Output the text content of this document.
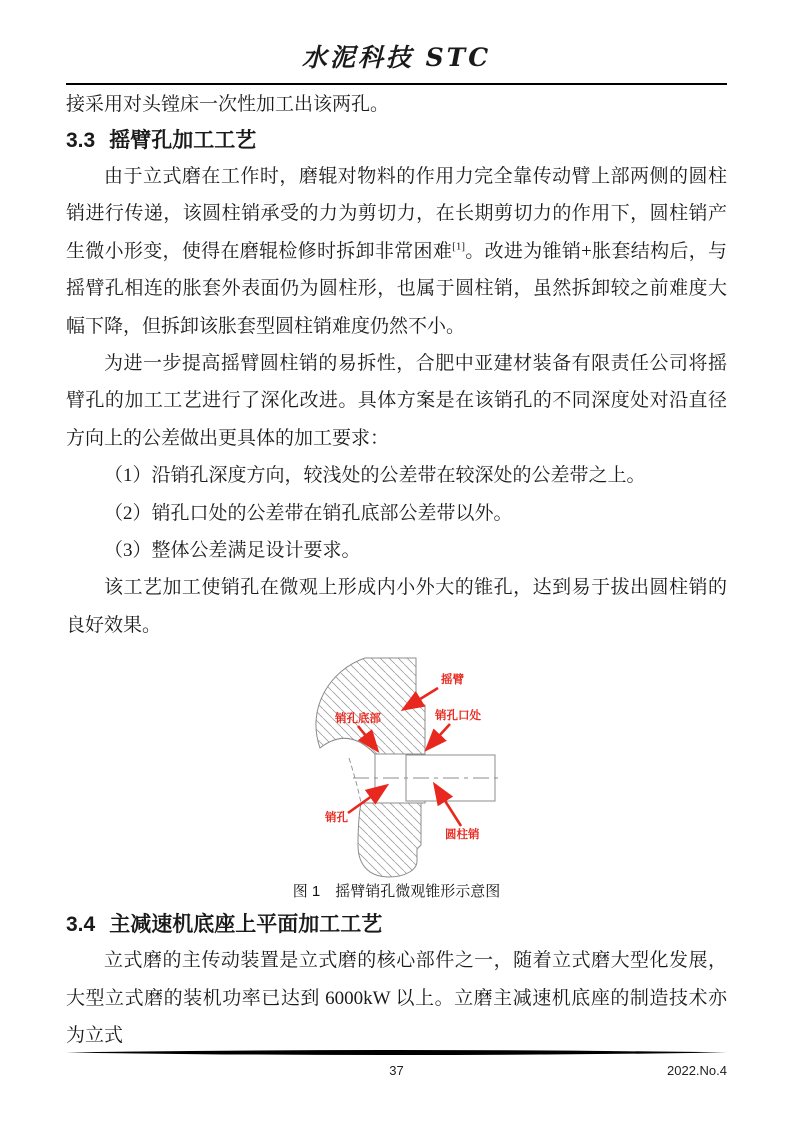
水泥科技 STC

接采用对头镗床一次性加工出该两孔。

3.3 摇臂孔加工工艺

由于立式磨在工作时，磨辊对物料的作用力完全靠传动臂上部两侧的圆柱销进行传递，该圆柱销承受的力为剪切力，在长期剪切力的作用下，圆柱销产生微小形变，使得在磨辊检修时拆卸非常困难[1]。改进为锥销+胀套结构后，与摇臂孔相连的胀套外表面仍为圆柱形，也属于圆柱销，虽然拆卸较之前难度大幅下降，但拆卸该胀套型圆柱销难度仍然不小。

为进一步提高摇臂圆柱销的易拆性，合肥中亚建材装备有限责任公司将摇臂孔的加工工艺进行了深化改进。具体方案是在该销孔的不同深度处对沿直径方向上的公差做出更具体的加工要求：

（1）沿销孔深度方向，较浅处的公差带在较深处的公差带之上。

（2）销孔口处的公差带在销孔底部公差带以外。

（3）整体公差满足设计要求。

该工艺加工使销孔在微观上形成内小外大的锥孔，达到易于拔出圆柱销的良好效果。

摇臂
销孔底部	销孔口处
销孔
圆柱销

图 1　摇臂销孔微观锥形示意图

3.4 主减速机底座上平面加工工艺

立式磨的主传动装置是立式磨的核心部件之一，随着立式磨大型化发展，大型立式磨的装机功率已达到 6000kW 以上。立磨主减速机底座的制造技术亦为立式

37	2022.No.4
